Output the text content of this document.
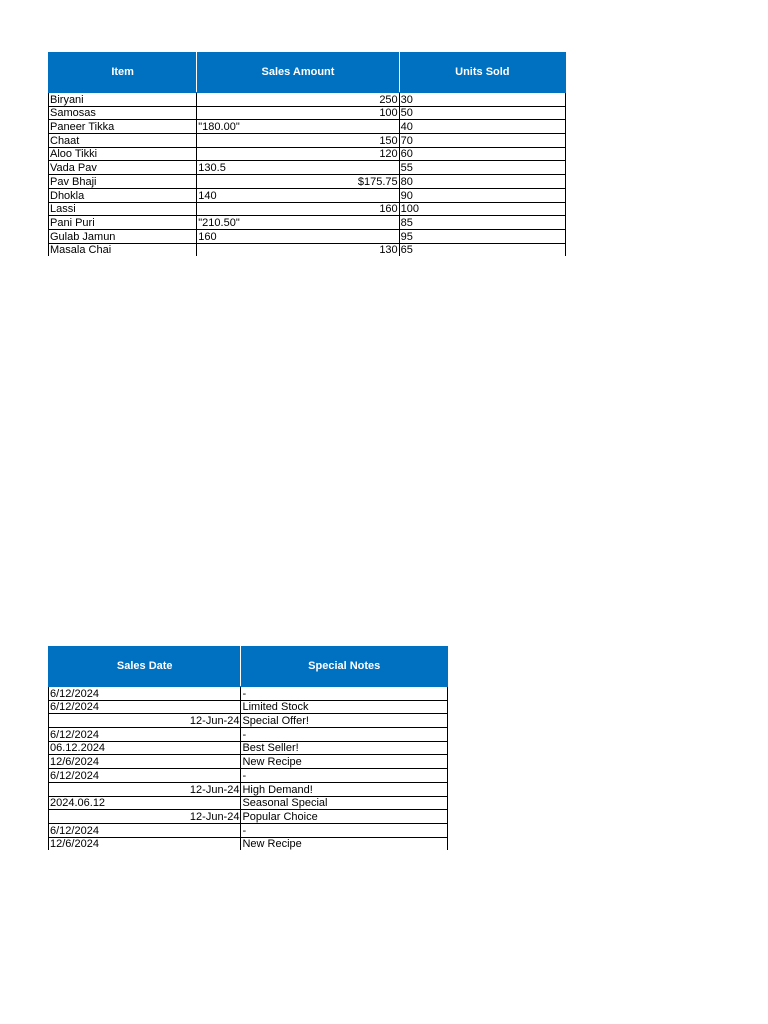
Item	Sales Amount	Units Sold
Biryani	250	30
Samosas	100	50
Paneer Tikka	"180.00"	40
Chaat	150	70
Aloo Tikki	120	60
Vada Pav	130.5	55
Pav Bhaji	$175.75	80
Dhokla	140	90
Lassi	160	100
Pani Puri	"210.50"	85
Gulab Jamun	160	95
Masala Chai	130	65
Sales Date	Special Notes
6/12/2024	-
6/12/2024	Limited Stock
12-Jun-24	Special Offer!
6/12/2024	-
06.12.2024	Best Seller!
12/6/2024	New Recipe
6/12/2024	-
12-Jun-24	High Demand!
2024.06.12	Seasonal Special
12-Jun-24	Popular Choice
6/12/2024	-
12/6/2024	New Recipe
